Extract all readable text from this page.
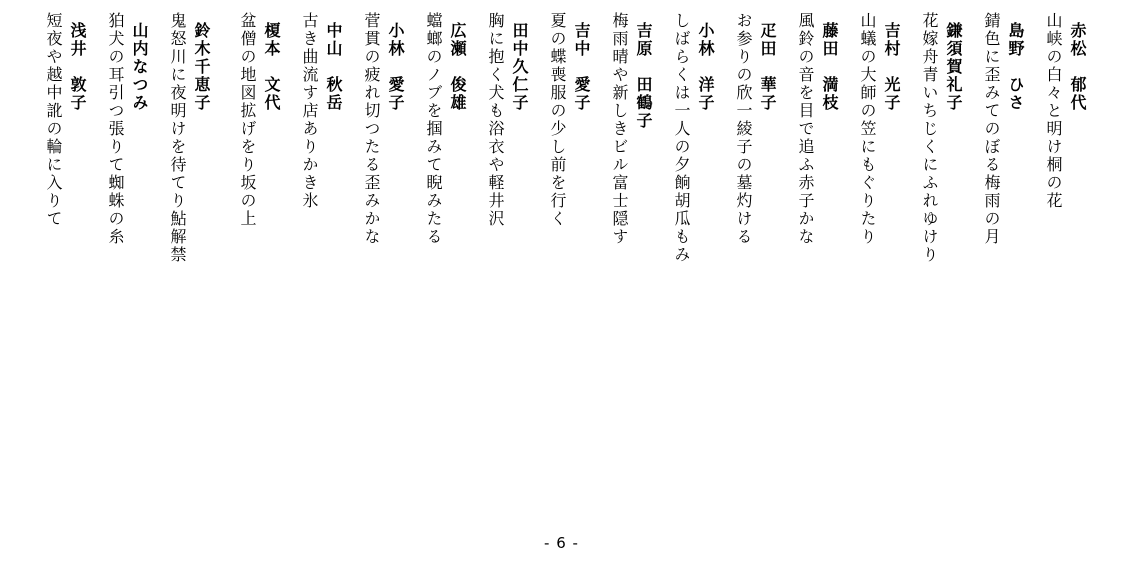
赤松　郁代
山峡の白々と明け桐の花
島野　ひさ
錆色に歪みてのぼる梅雨の月
鎌須賀礼子
花嫁舟青いちじくにふれゆけり
吉村　光子
山蟻の大師の笠にもぐりたり
藤田　満枝
風鈴の音を目で追ふ赤子かな
疋田　華子
お参りの欣一綾子の墓灼ける
小林　洋子
しばらくは一人の夕餉胡瓜もみ
吉原　田鶴子
梅雨晴や新しきビル富士隠す
吉中　愛子
夏の蝶喪服の少し前を行く
田中久仁子
胸に抱く犬も浴衣や軽井沢
広瀬　俊雄
蟷螂のノブを掴みて睨みたる
小林　愛子
菅貫の疲れ切つたる歪みかな
中山　秋岳
古き曲流す店ありかき氷
榎本　文代
盆僧の地図拡げをり坂の上
鈴木千恵子
鬼怒川に夜明けを待てり鮎解禁
山内なつみ
狛犬の耳引つ張りて蜘蛛の糸
浅井　敦子
短夜や越中訛の輪に入りて
- 6 -
